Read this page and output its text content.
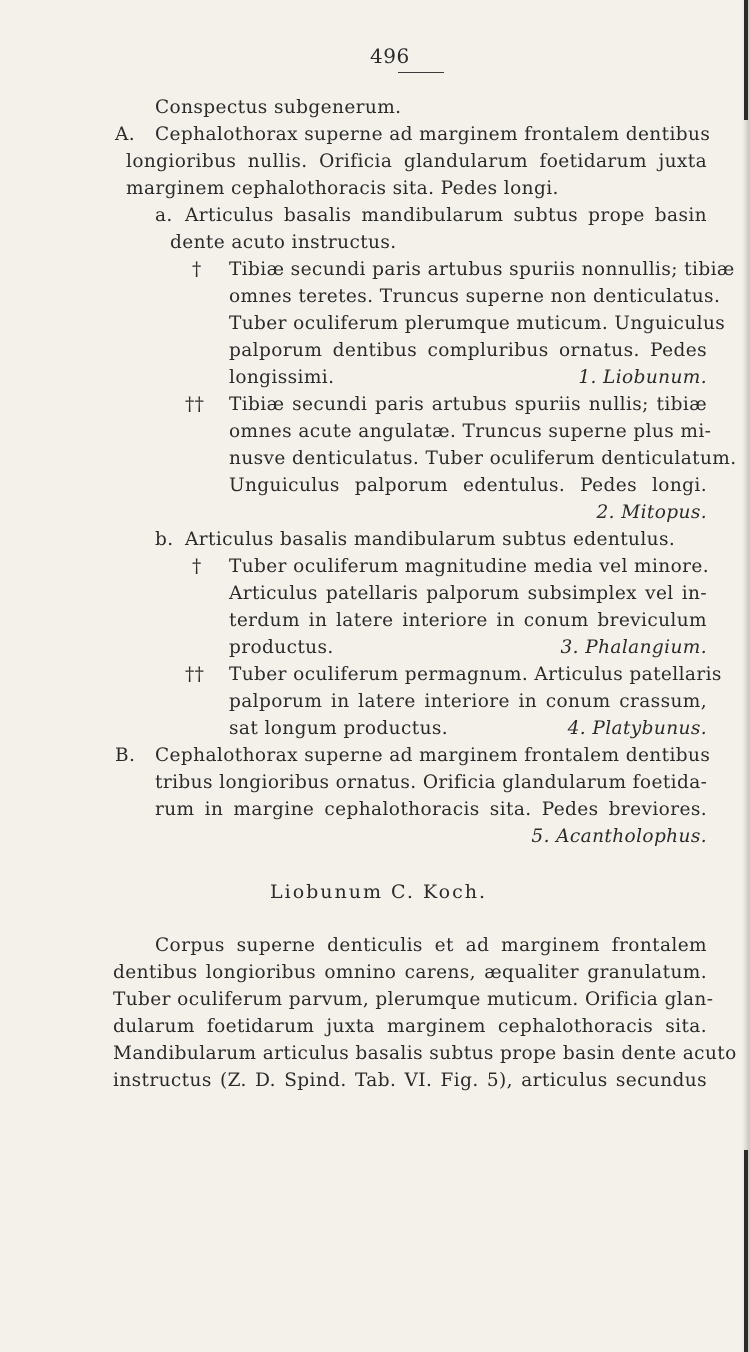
496
Conspectus subgenerum.
A. Cephalothorax superne ad marginem frontalem dentibus
longioribus nullis. Orificia glandularum foetidarum juxta
marginem cephalothoracis sita. Pedes longi.
a. Articulus basalis mandibularum subtus prope basin
dente acuto instructus.
† Tibiæ secundi paris artubus spuriis nonnullis; tibiæ
omnes teretes. Truncus superne non denticulatus.
Tuber oculiferum plerumque muticum. Unguiculus
palporum dentibus compluribus ornatus. Pedes
longissimi.	1. Liobunum.
†† Tibiæ secundi paris artubus spuriis nullis; tibiæ
omnes acute angulatæ. Truncus superne plus mi-
nusve denticulatus. Tuber oculiferum denticulatum.
Unguiculus palporum edentulus. Pedes longi.
2. Mitopus.
b. Articulus basalis mandibularum subtus edentulus.
† Tuber oculiferum magnitudine media vel minore.
Articulus patellaris palporum subsimplex vel in-
terdum in latere interiore in conum breviculum
productus.	3. Phalangium.
†† Tuber oculiferum permagnum. Articulus patellaris
palporum in latere interiore in conum crassum,
sat longum productus.	4. Platybunus.
B. Cephalothorax superne ad marginem frontalem dentibus
tribus longioribus ornatus. Orificia glandularum foetida-
rum in margine cephalothoracis sita. Pedes breviores.
5. Acantholophus.
Liobunum C. Koch.
Corpus superne denticulis et ad marginem frontalem
dentibus longioribus omnino carens, æqualiter granulatum.
Tuber oculiferum parvum, plerumque muticum. Orificia glan-
dularum foetidarum juxta marginem cephalothoracis sita.
Mandibularum articulus basalis subtus prope basin dente acuto
instructus (Z. D. Spind. Tab. VI. Fig. 5), articulus secundus
